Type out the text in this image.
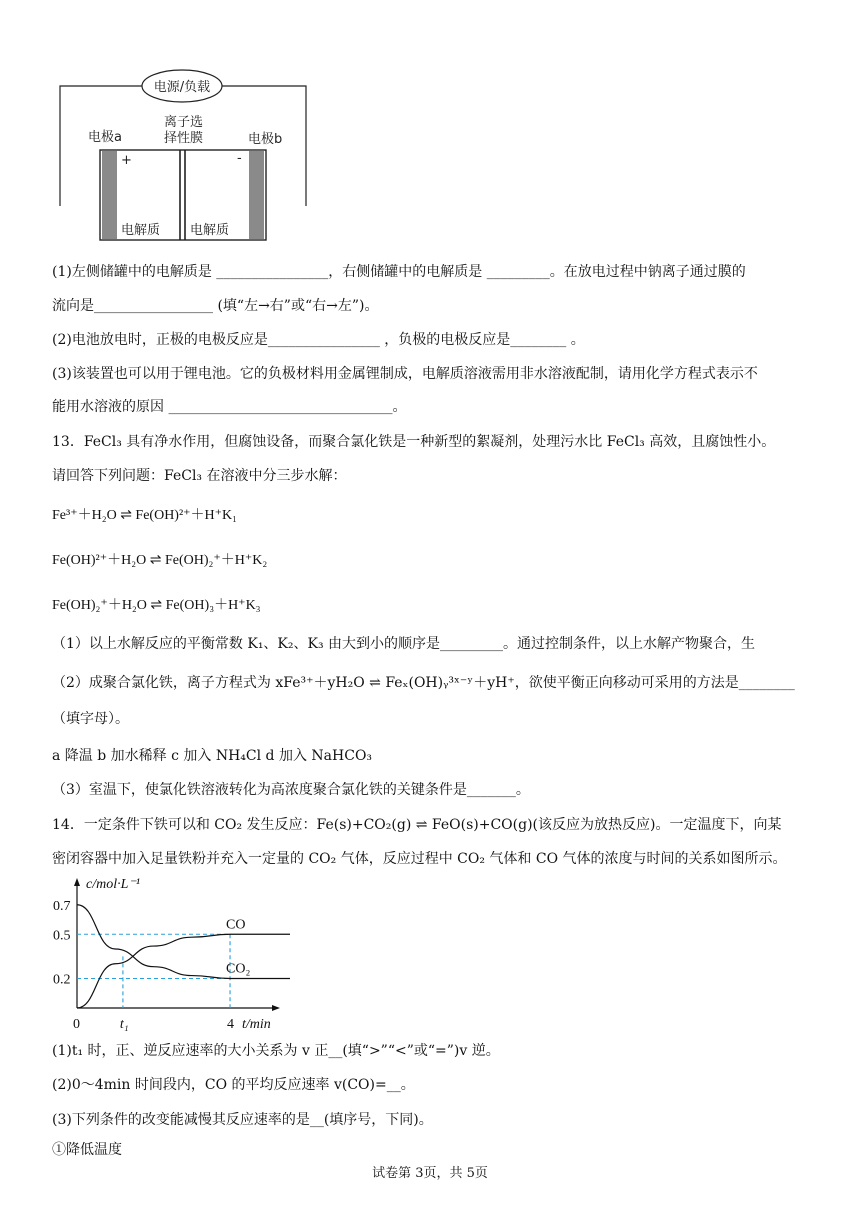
电源/负载
电极a	电极b
离子选
择性膜
+	-
电解质 电解质
(1)左侧储罐中的电解质是 ________________，右侧储罐中的电解质是 _________。在放电过程中钠离子通过膜的
流向是_________________ (填“左→右”或“右→左”)。
(2)电池放电时，正极的电极反应是________________ ，负极的电极反应是________ 。
(3)该装置也可以用于锂电池。它的负极材料用金属锂制成，电解质溶液需用非水溶液配制，请用化学方程式表示不
能用水溶液的原因 ________________________________。
13．FeCl₃ 具有净水作用，但腐蚀设备，而聚合氯化铁是一种新型的絮凝剂，处理污水比 FeCl₃ 高效，且腐蚀性小。
请回答下列问题：FeCl₃ 在溶液中分三步水解：
Fe³⁺＋H₂O ⇌ Fe(OH)²⁺＋H⁺K₁
Fe(OH)²⁺＋H₂O ⇌ Fe(OH)₂⁺＋H⁺K₂
Fe(OH)₂⁺＋H₂O ⇌ Fe(OH)₃＋H⁺K₃
（1）以上水解反应的平衡常数 K₁、K₂、K₃ 由大到小的顺序是_________。通过控制条件，以上水解产物聚合，生
（2）成聚合氯化铁，离子方程式为 xFe³⁺＋yH₂O ⇌ Feₓ(OH)ᵧ³ˣ⁻ʸ＋yH⁺，欲使平衡正向移动可采用的方法是________
（填字母）。
a 降温 b 加水稀释 c 加入 NH₄Cl d 加入 NaHCO₃
（3）室温下，使氯化铁溶液转化为高浓度聚合氯化铁的关键条件是_______。
14．一定条件下铁可以和 CO₂ 发生反应：Fe(s)+CO₂(g) ⇌ FeO(s)+CO(g)(该反应为放热反应)。一定温度下，向某
密闭容器中加入足量铁粉并充入一定量的 CO₂ 气体，反应过程中 CO₂ 气体和 CO 气体的浓度与时间的关系如图所示。
c/mol·L⁻¹
t/min
0.7
0.5
0.2
0	t₁	4
CO
CO₂
(1)t₁ 时，正、逆反应速率的大小关系为 v 正__(填“>”“<”或“=”)v 逆。
(2)0～4min 时间段内，CO 的平均反应速率 v(CO)=__。
(3)下列条件的改变能减慢其反应速率的是__(填序号，下同)。
①降低温度
试卷第 3页，共 5页
